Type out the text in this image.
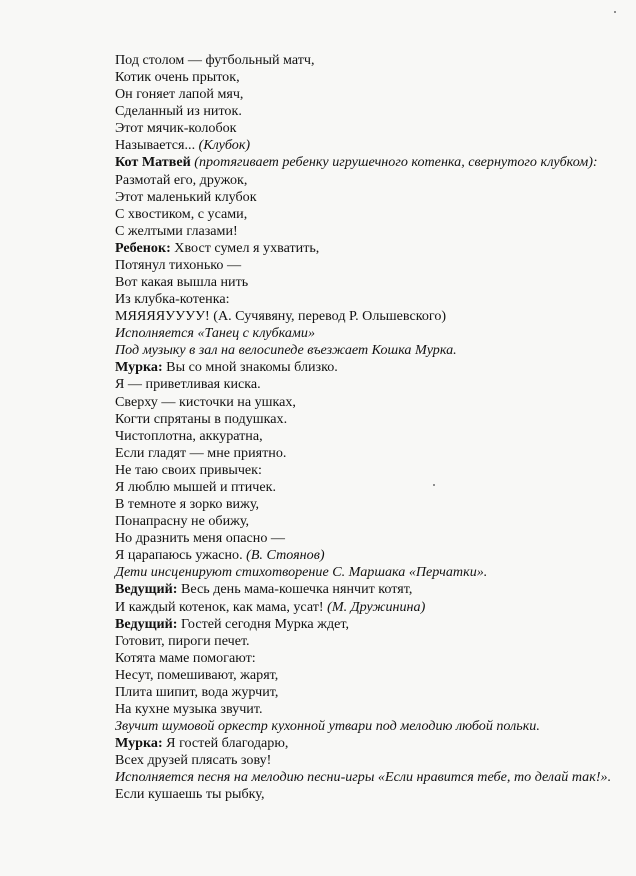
Под столом — футбольный матч,
Котик очень прыток,
Он гоняет лапой мяч,
Сделанный из ниток.
Этот мячик-колобок
Называется... (Клубок)
Кот Матвей (протягивает ребенку игрушечного котенка, свернутого клубком):
Размотай его, дружок,
Этот маленький клубок
С хвостиком, с усами,
С желтыми глазами!
Ребенок: Хвост сумел я ухватить,
Потянул тихонько —
Вот какая вышла нить
Из клубка-котенка:
МЯЯЯЯУУУУ! (А. Сучявяну, перевод Р. Ольшевского)
Исполняется «Танец с клубками»
Под музыку в зал на велосипеде въезжает Кошка Мурка.
Мурка: Вы со мной знакомы близко.
Я — приветливая киска.
Сверху — кисточки на ушках,
Когти спрятаны в подушках.
Чистоплотна, аккуратна,
Если гладят — мне приятно.
Не таю своих привычек:
Я люблю мышей и птичек.
В темноте я зорко вижу,
Понапрасну не обижу,
Но дразнить меня опасно —
Я царапаюсь ужасно. (В. Стоянов)
Дети инсценируют стихотворение С. Маршака «Перчатки».
Ведущий: Весь день мама-кошечка нянчит котят,
И каждый котенок, как мама, усат! (М. Дружинина)
Ведущий: Гостей сегодня Мурка ждет,
Готовит, пироги печет.
Котята маме помогают:
Несут, помешивают, жарят,
Плита шипит, вода журчит,
На кухне музыка звучит.
Звучит шумовой оркестр кухонной утвари под мелодию любой польки.
Мурка: Я гостей благодарю,
Всех друзей плясать зову!
Исполняется песня на мелодию песни-игры «Если нравится тебе, то делай так!».
Если кушаешь ты рыбку,
